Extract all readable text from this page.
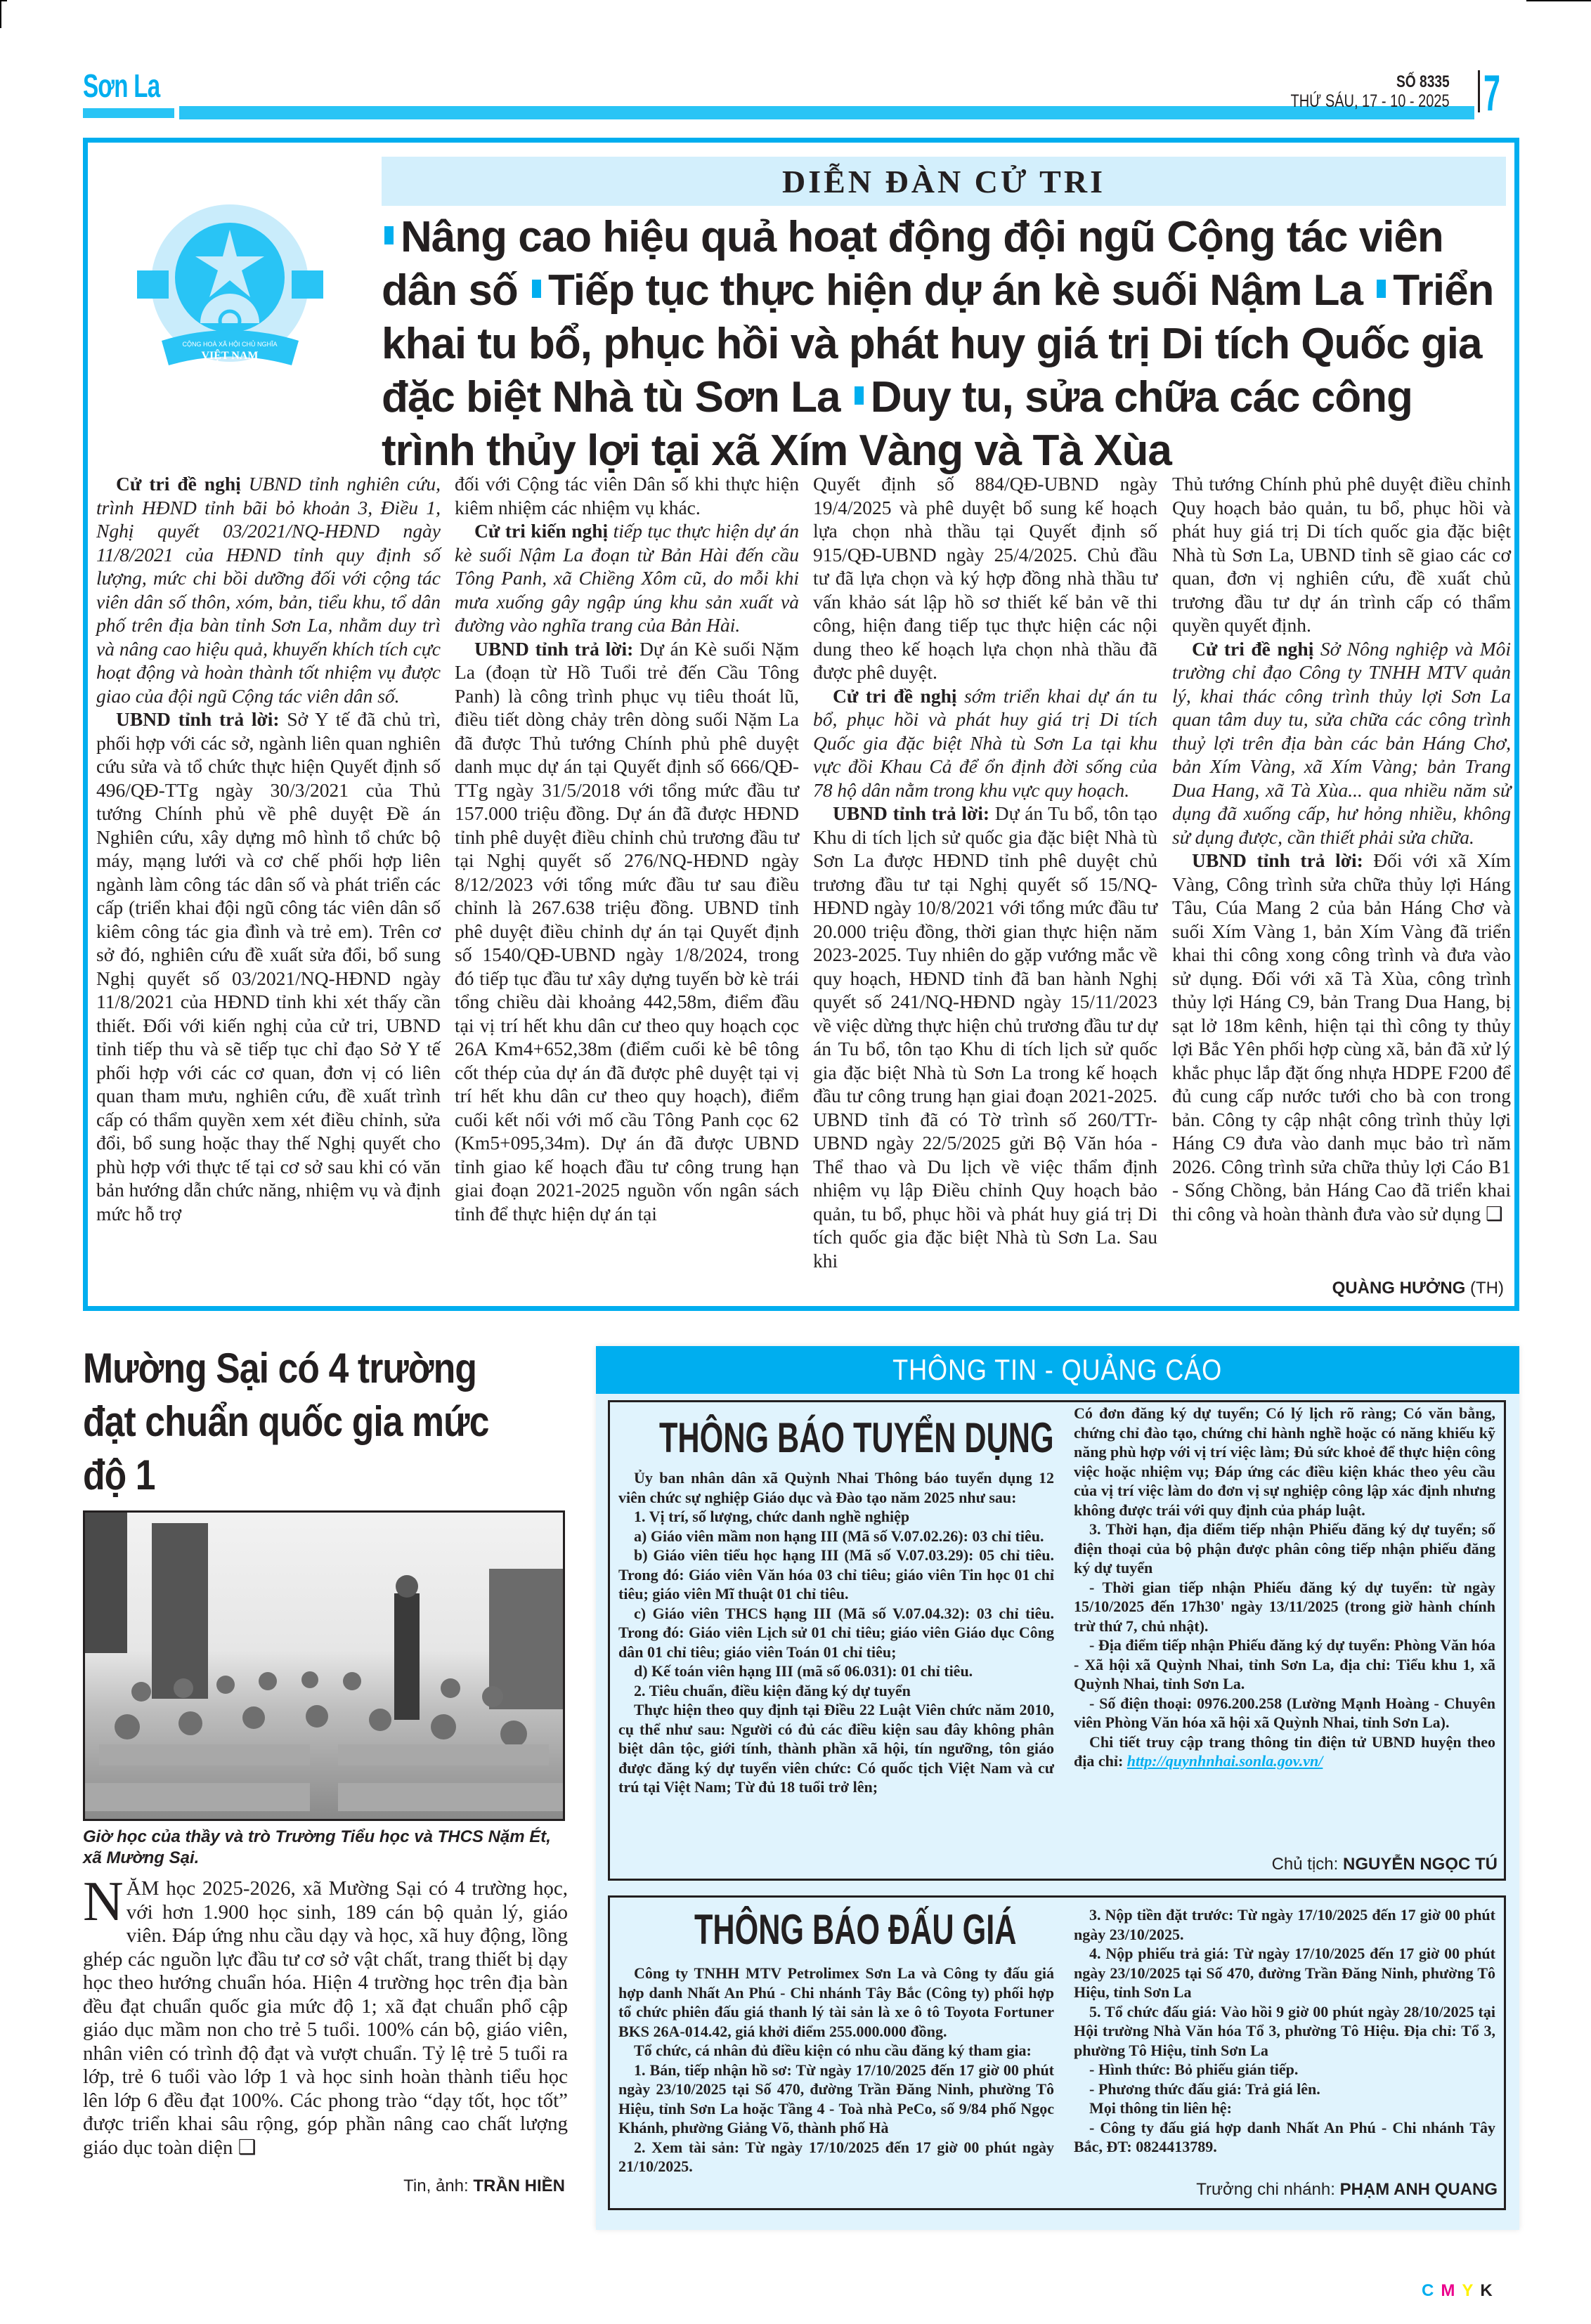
Sơn La	SỐ 8335
THỨ SÁU, 17 - 10 - 2025 7
DIỄN ĐÀN CỬ TRI
CỘNG HOÀ XÃ HỘI CHỦ NGHĨA
VIỆT NAM
Nâng cao hiệu quả hoạt động đội ngũ Cộng tác viên dân số Tiếp tục thực hiện dự án kè suối Nậm La Triển khai tu bổ, phục hồi và phát huy giá trị Di tích Quốc gia đặc biệt Nhà tù Sơn La Duy tu, sửa chữa các công trình thủy lợi tại xã Xím Vàng và Tà Xùa

Cử tri đề nghị UBND tỉnh nghiên cứu, trình HĐND tỉnh bãi bỏ khoản 3, Điều 1, Nghị quyết 03/2021/NQ-HĐND ngày 11/8/2021 của HĐND tỉnh quy định số lượng, mức chi bồi dưỡng đối với cộng tác viên dân số thôn, xóm, bản, tiểu khu, tổ dân phố trên địa bàn tỉnh Sơn La, nhằm duy trì và nâng cao hiệu quả, khuyến khích tích cực hoạt động và hoàn thành tốt nhiệm vụ được giao của đội ngũ Cộng tác viên dân số.

UBND tỉnh trả lời: Sở Y tế đã chủ trì, phối hợp với các sở, ngành liên quan nghiên cứu sửa và tổ chức thực hiện Quyết định số 496/QĐ-TTg ngày 30/3/2021 của Thủ tướng Chính phủ về phê duyệt Đề án Nghiên cứu, xây dựng mô hình tổ chức bộ máy, mạng lưới và cơ chế phối hợp liên ngành làm công tác dân số và phát triển các cấp (triển khai đội ngũ công tác viên dân số kiêm công tác gia đình và trẻ em). Trên cơ sở đó, nghiên cứu đề xuất sửa đổi, bổ sung Nghị quyết số 03/2021/NQ-HĐND ngày 11/8/2021 của HĐND tỉnh khi xét thấy cần thiết. Đối với kiến nghị của cử tri, UBND tỉnh tiếp thu và sẽ tiếp tục chỉ đạo Sở Y tế phối hợp với các cơ quan, đơn vị có liên quan tham mưu, nghiên cứu, đề xuất trình cấp có thẩm quyền xem xét điều chỉnh, sửa đổi, bổ sung hoặc thay thế Nghị quyết cho phù hợp với thực tế tại cơ sở sau khi có văn bản hướng dẫn chức năng, nhiệm vụ và định mức hỗ trợ

đối với Cộng tác viên Dân số khi thực hiện kiêm nhiệm các nhiệm vụ khác.

Cử tri kiến nghị tiếp tục thực hiện dự án kè suối Nậm La đoạn từ Bản Hài đến cầu Tông Panh, xã Chiềng Xôm cũ, do mỗi khi mưa xuống gây ngập úng khu sản xuất và đường vào nghĩa trang của Bản Hài.

UBND tỉnh trả lời: Dự án Kè suối Nặm La (đoạn từ Hồ Tuổi trẻ đến Cầu Tông Panh) là công trình phục vụ tiêu thoát lũ, điều tiết dòng chảy trên dòng suối Nặm La đã được Thủ tướng Chính phủ phê duyệt danh mục dự án tại Quyết định số 666/QĐ-TTg ngày 31/5/2018 với tổng mức đầu tư 157.000 triệu đồng. Dự án đã được HĐND tỉnh phê duyệt điều chỉnh chủ trương đầu tư tại Nghị quyết số 276/NQ-HĐND ngày 8/12/2023 với tổng mức đầu tư sau điều chỉnh là 267.638 triệu đồng. UBND tỉnh phê duyệt điều chỉnh dự án tại Quyết định số 1540/QĐ-UBND ngày 1/8/2024, trong đó tiếp tục đầu tư xây dựng tuyến bờ kè trái tổng chiều dài khoảng 442,58m, điểm đầu tại vị trí hết khu dân cư theo quy hoạch cọc 26A Km4+652,38m (điểm cuối kè bê tông cốt thép của dự án đã được phê duyệt tại vị trí hết khu dân cư theo quy hoạch), điểm cuối kết nối với mố cầu Tông Panh cọc 62 (Km5+095,34m). Dự án đã được UBND tỉnh giao kế hoạch đầu tư công trung hạn giai đoạn 2021-2025 nguồn vốn ngân sách tỉnh để thực hiện dự án tại

Quyết định số 884/QĐ-UBND ngày 19/4/2025 và phê duyệt bổ sung kế hoạch lựa chọn nhà thầu tại Quyết định số 915/QĐ-UBND ngày 25/4/2025. Chủ đầu tư đã lựa chọn và ký hợp đồng nhà thầu tư vấn khảo sát lập hồ sơ thiết kế bản vẽ thi công, hiện đang tiếp tục thực hiện các nội dung theo kế hoạch lựa chọn nhà thầu đã được phê duyệt.

Cử tri đề nghị sớm triển khai dự án tu bổ, phục hồi và phát huy giá trị Di tích Quốc gia đặc biệt Nhà tù Sơn La tại khu vực đồi Khau Cả để ổn định đời sống của 78 hộ dân nằm trong khu vực quy hoạch.

UBND tỉnh trả lời: Dự án Tu bổ, tôn tạo Khu di tích lịch sử quốc gia đặc biệt Nhà tù Sơn La được HĐND tỉnh phê duyệt chủ trương đầu tư tại Nghị quyết số 15/NQ-HĐND ngày 10/8/2021 với tổng mức đầu tư 20.000 triệu đồng, thời gian thực hiện năm 2023-2025. Tuy nhiên do gặp vướng mắc về quy hoạch, HĐND tỉnh đã ban hành Nghị quyết số 241/NQ-HĐND ngày 15/11/2023 về việc dừng thực hiện chủ trương đầu tư dự án Tu bổ, tôn tạo Khu di tích lịch sử quốc gia đặc biệt Nhà tù Sơn La trong kế hoạch đầu tư công trung hạn giai đoạn 2021-2025. UBND tỉnh đã có Tờ trình số 260/TTr-UBND ngày 22/5/2025 gửi Bộ Văn hóa - Thể thao và Du lịch về việc thẩm định nhiệm vụ lập Điều chỉnh Quy hoạch bảo quản, tu bổ, phục hồi và phát huy giá trị Di tích quốc gia đặc biệt Nhà tù Sơn La. Sau khi

Thủ tướng Chính phủ phê duyệt điều chỉnh Quy hoạch bảo quản, tu bổ, phục hồi và phát huy giá trị Di tích quốc gia đặc biệt Nhà tù Sơn La, UBND tỉnh sẽ giao các cơ quan, đơn vị nghiên cứu, đề xuất chủ trương đầu tư dự án trình cấp có thẩm quyền quyết định.

Cử tri đề nghị Sở Nông nghiệp và Môi trường chỉ đạo Công ty TNHH MTV quản lý, khai thác công trình thủy lợi Sơn La quan tâm duy tu, sửa chữa các công trình thuỷ lợi trên địa bàn các bản Háng Chơ, bản Xím Vàng, xã Xím Vàng; bản Trang Dua Hang, xã Tà Xùa... qua nhiều năm sử dụng đã xuống cấp, hư hỏng nhiều, không sử dụng được, cần thiết phải sửa chữa.

UBND tỉnh trả lời: Đối với xã Xím Vàng, Công trình sửa chữa thủy lợi Háng Tâu, Cúa Mang 2 của bản Háng Chơ và suối Xím Vàng 1, bản Xím Vàng đã triển khai thi công xong công trình và đưa vào sử dụng. Đối với xã Tà Xùa, công trình thủy lợi Háng C9, bản Trang Dua Hang, bị sạt lở 18m kênh, hiện tại thì công ty thủy lợi Bắc Yên phối hợp cùng xã, bản đã xử lý khắc phục lắp đặt ống nhựa HDPE F200 để đủ cung cấp nước tưới cho bà con trong bản. Công ty cập nhật công trình thủy lợi Háng C9 đưa vào danh mục bảo trì năm 2026. Công trình sửa chữa thủy lợi Cáo B1 - Sống Chồng, bản Háng Cao đã triển khai thi công và hoàn thành đưa vào sử dụng ❑

QUÀNG HƯỞNG (TH)
Mường Sại có 4 trường đạt chuẩn quốc gia mức độ 1
Giờ học của thầy và trò Trường Tiểu học và THCS Nặm Ét, xã Mường Sại.
NĂM học 2025-2026, xã Mường Sại có 4 trường học, với hơn 1.900 học sinh, 189 cán bộ quản lý, giáo viên. Đáp ứng nhu cầu dạy và học, xã huy động, lồng ghép các nguồn lực đầu tư cơ sở vật chất, trang thiết bị dạy học theo hướng chuẩn hóa. Hiện 4 trường học trên địa bàn đều đạt chuẩn quốc gia mức độ 1; xã đạt chuẩn phổ cập giáo dục mầm non cho trẻ 5 tuổi. 100% cán bộ, giáo viên, nhân viên có trình độ đạt và vượt chuẩn. Tỷ lệ trẻ 5 tuổi ra lớp, trẻ 6 tuổi vào lớp 1 và học sinh hoàn thành tiểu học lên lớp 6 đều đạt 100%. Các phong trào “dạy tốt, học tốt” được triển khai sâu rộng, góp phần nâng cao chất lượng giáo dục toàn diện ❑
Tin, ảnh: TRẦN HIỀN
THÔNG TIN - QUẢNG CÁO
THÔNG BÁO TUYỂN DỤNG

Ủy ban nhân dân xã Quỳnh Nhai Thông báo tuyển dụng 12 viên chức sự nghiệp Giáo dục và Đào tạo năm 2025 như sau:

1. Vị trí, số lượng, chức danh nghề nghiệp

a) Giáo viên mầm non hạng III (Mã số V.07.02.26): 03 chỉ tiêu.

b) Giáo viên tiểu học hạng III (Mã số V.07.03.29): 05 chỉ tiêu. Trong đó: Giáo viên Văn hóa 03 chỉ tiêu; giáo viên Tin học 01 chỉ tiêu; giáo viên Mĩ thuật 01 chỉ tiêu.

c) Giáo viên THCS hạng III (Mã số V.07.04.32): 03 chỉ tiêu. Trong đó: Giáo viên Lịch sử 01 chỉ tiêu; giáo viên Giáo dục Công dân 01 chỉ tiêu; giáo viên Toán 01 chỉ tiêu;

d) Kế toán viên hạng III (mã số 06.031): 01 chỉ tiêu.

2. Tiêu chuẩn, điều kiện đăng ký dự tuyển

Thực hiện theo quy định tại Điều 22 Luật Viên chức năm 2010, cụ thể như sau: Người có đủ các điều kiện sau đây không phân biệt dân tộc, giới tính, thành phần xã hội, tín ngưỡng, tôn giáo được đăng ký dự tuyển viên chức: Có quốc tịch Việt Nam và cư trú tại Việt Nam; Từ đủ 18 tuổi trở lên;

Có đơn đăng ký dự tuyển; Có lý lịch rõ ràng; Có văn bằng, chứng chỉ đào tạo, chứng chỉ hành nghề hoặc có năng khiếu kỹ năng phù hợp với vị trí việc làm; Đủ sức khoẻ để thực hiện công việc hoặc nhiệm vụ; Đáp ứng các điều kiện khác theo yêu cầu của vị trí việc làm do đơn vị sự nghiệp công lập xác định nhưng không được trái với quy định của pháp luật.

3. Thời hạn, địa điểm tiếp nhận Phiếu đăng ký dự tuyển; số điện thoại của bộ phận được phân công tiếp nhận phiếu đăng ký dự tuyển

- Thời gian tiếp nhận Phiếu đăng ký dự tuyển: từ ngày 15/10/2025 đến 17h30' ngày 13/11/2025 (trong giờ hành chính trừ thứ 7, chủ nhật).

- Địa điểm tiếp nhận Phiếu đăng ký dự tuyển: Phòng Văn hóa - Xã hội xã Quỳnh Nhai, tỉnh Sơn La, địa chỉ: Tiểu khu 1, xã Quỳnh Nhai, tỉnh Sơn La.

- Số điện thoại: 0976.200.258 (Lường Mạnh Hoàng - Chuyên viên Phòng Văn hóa xã hội xã Quỳnh Nhai, tỉnh Sơn La).

Chi tiết truy cập trang thông tin điện tử UBND huyện theo địa chỉ: http://quynhnhai.sonla.gov.vn/

Chủ tịch: NGUYỄN NGỌC TÚ
THÔNG BÁO ĐẤU GIÁ

Công ty TNHH MTV Petrolimex Sơn La và Công ty đấu giá hợp danh Nhất An Phú - Chi nhánh Tây Bắc (Công ty) phối hợp tổ chức phiên đấu giá thanh lý tài sản là xe ô tô Toyota Fortuner BKS 26A-014.42, giá khởi điểm 255.000.000 đồng.

Tổ chức, cá nhân đủ điều kiện có nhu cầu đăng ký tham gia:

1. Bán, tiếp nhận hồ sơ: Từ ngày 17/10/2025 đến 17 giờ 00 phút ngày 23/10/2025 tại Số 470, đường Trần Đăng Ninh, phường Tô Hiệu, tỉnh Sơn La hoặc Tầng 4 - Toà nhà PeCo, số 9/84 phố Ngọc Khánh, phường Giảng Võ, thành phố Hà

2. Xem tài sản: Từ ngày 17/10/2025 đến 17 giờ 00 phút ngày 21/10/2025.

3. Nộp tiền đặt trước: Từ ngày 17/10/2025 đến 17 giờ 00 phút ngày 23/10/2025.

4. Nộp phiếu trả giá: Từ ngày 17/10/2025 đến 17 giờ 00 phút ngày 23/10/2025 tại Số 470, đường Trần Đăng Ninh, phường Tô Hiệu, tỉnh Sơn La

5. Tổ chức đấu giá: Vào hồi 9 giờ 00 phút ngày 28/10/2025 tại Hội trường Nhà Văn hóa Tổ 3, phường Tô Hiệu. Địa chỉ: Tổ 3, phường Tô Hiệu, tỉnh Sơn La

- Hình thức: Bỏ phiếu gián tiếp.

- Phương thức đấu giá: Trả giá lên.

Mọi thông tin liên hệ:

- Công ty đấu giá hợp danh Nhất An Phú - Chi nhánh Tây Bắc, ĐT: 0824413789.

Trưởng chi nhánh: PHẠM ANH QUANG
CMYK
